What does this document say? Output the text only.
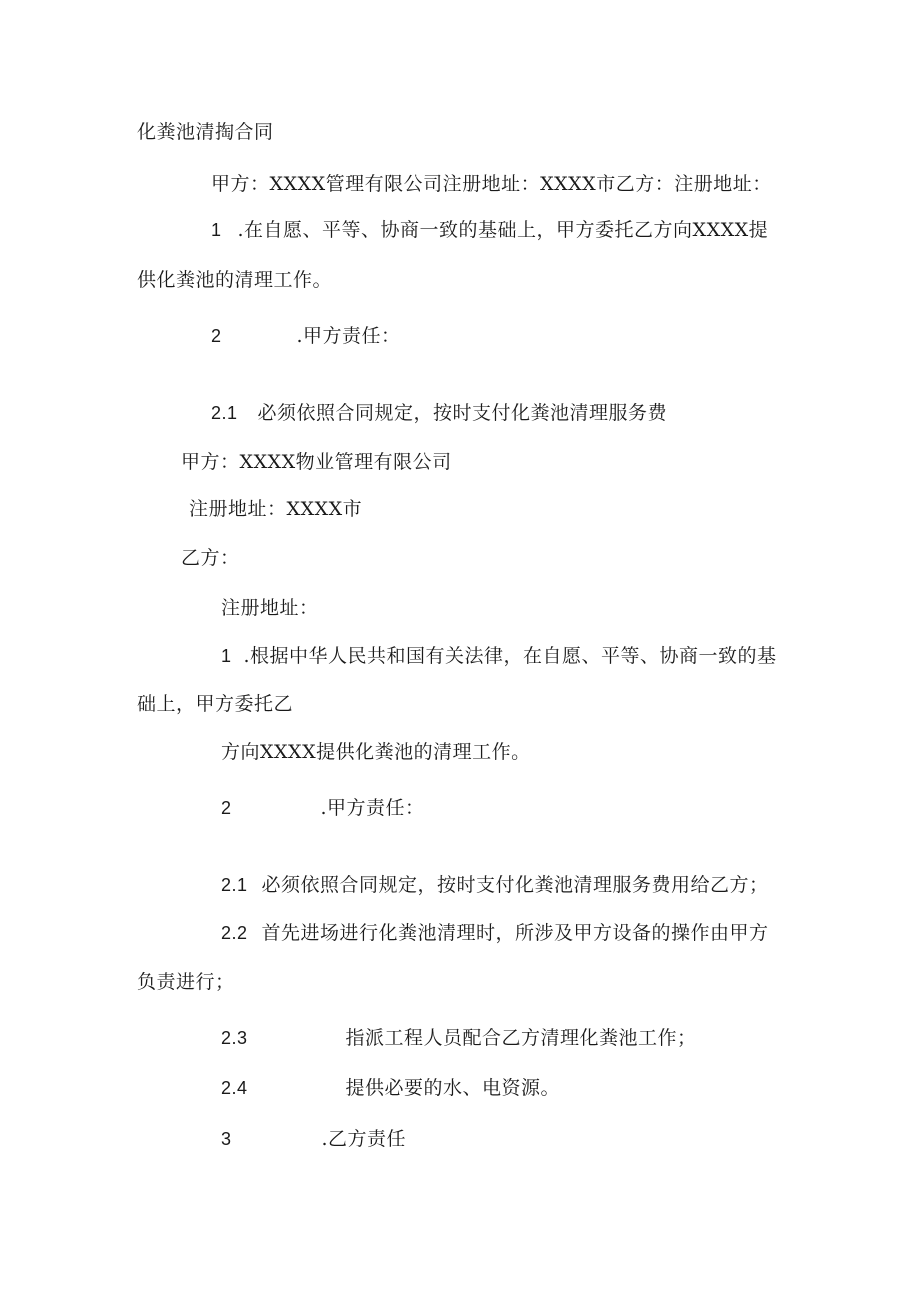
化粪池清掏合同
甲方：XXXX管理有限公司注册地址：XXXX市乙方：注册地址：
1 .在自愿、平等、协商一致的基础上，甲方委托乙方向XXXX提
供化粪池的清理工作。
2	.甲方责任：
2.1 必须依照合同规定，按时支付化粪池清理服务费
甲方：XXXX物业管理有限公司
注册地址：XXXX市
乙方：
注册地址：
1 .根据中华人民共和国有关法律，在自愿、平等、协商一致的基
础上，甲方委托乙
方向XXXX提供化粪池的清理工作。
2	.甲方责任：
2.1 必须依照合同规定，按时支付化粪池清理服务费用给乙方；
2.2 首先进场进行化粪池清理时，所涉及甲方设备的操作由甲方
负责进行；
2.3	指派工程人员配合乙方清理化粪池工作；
2.4	提供必要的水、电资源。
3	.乙方责任
